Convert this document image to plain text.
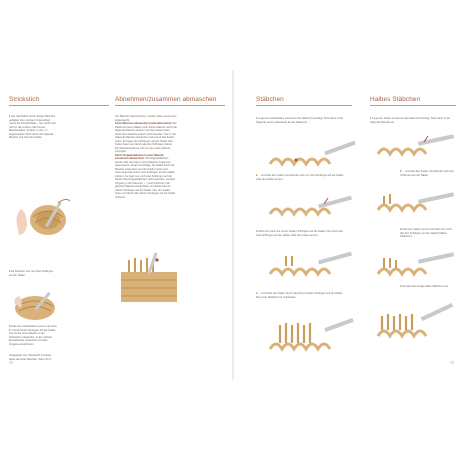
Strickstich
1 Der Strickstich wird in festen Maschen gehäkelt. Den einzigen Unterschied macht die Einstichstelle – hier sticht man nicht in die vordere oder hintere Maschenglied, sondern in den „V“ angeordneten Stich durch die folgende Masche und hole den Faden.
2 Es befinden sich nun zwei Schlingen auf der Nadel.
3 Hole den Arbeitsfaden erneut und ziehe ihn durch beide Schlingen auf der Nadel. Nun ist die erste Masche in der Strickstich entstanden. In die nächste Einstichstelle einstechen und den Vorgang wiederholen.
Aufgepasst: Der Strickstich ist etwas fester als feste Maschen. Wenn ihr in
Abnehmen/zusammen abmaschen
Um Maschen abzunehmen, werden diese zusammen abgemascht.
Feste Maschen abmaschen (siehe Bild unten): Die Nadel wie beim Häkeln einer festen Masche durch die folgende Masche stechen und den Faden holen, diese feste Masche jedoch nicht beenden. Nun in die folgende Masche einstechen und erneut den Faden holen. Es liegen drei Schlingen auf der Nadel. Den Faden holen und durch alle drei Schlingen ziehen. Die Maschenzahl hat sich um eine feste Masche verringert.
Sechs Doppelstäbchen in einer Masche zusammen abmaschen: Die Doppelstäbchen werden alle wie folgt in einer Masche zusammen abgemascht: (Zwei Umschläge, die Nadel durch die Masche einstechen und den Faden holen und zweimal jeweils durch zwei Schlingen auf der Nadel ziehen). Du hast nun noch zwei Schlingen auf der Nadel. Das Doppelstäbchen nicht beenden, sondern Vorgang in der Klammer [...] noch fünfmal in der gleichen Masche wiederholen. Am Ende hast du sieben Schlingen auf der Nadel. Nun den Faden holen und durch alle sieben Schlingen auf der Nadel hindurch.
72
Stäbchen
1 Lege den Arbeitsfaden einmal um die Nadel (Umschlag). Stich dann in die folgende vierte Luftmasche ab der Nadel ein ...
2 ... und hole den Faden. Es befinden sich nun drei Schlingen auf der Nadel. Hole den Faden erneut ...
3 Ziehe ihn durch die ersten beiden Schlingen auf der Nadel. Nun sind noch zwei Schlingen auf der Nadel. Hole den Faden erneut ...
4 ... und ziehe den Faden durch die letzten beiden Schlingen auf der Nadel. Das erste Stäbchen ist entstanden.
Halbes Stäbchen
1 Lege den Faden einmal um die Nadel (Umschlag). Stich dann in die folgende Masche ein ...
2 ... und hole den Faden. Es befinden sich drei Schlingen auf der Nadel.
3 Hole den Faden erneut und ziehe ihn durch alle drei Schlingen auf der Nadel (halbes Stäbchen).
4 So sieht das fertige halbe Stäbchen aus.
73
